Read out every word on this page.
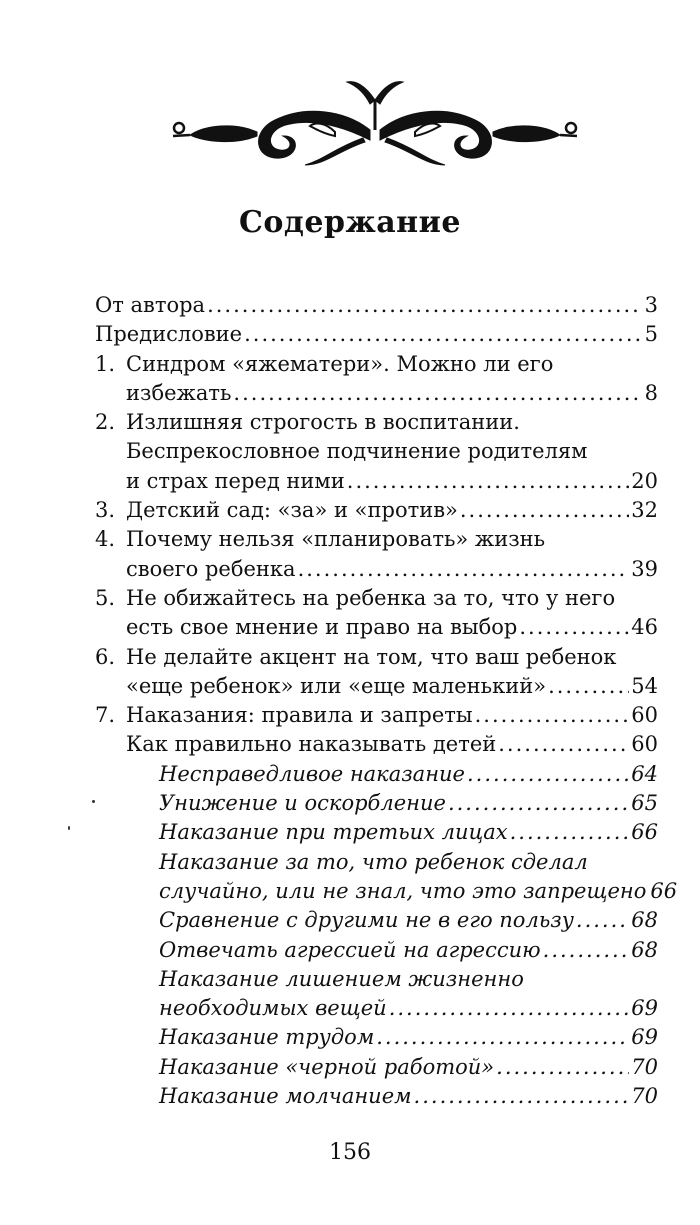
Содержание
От автора .....	3
Предисловие .....	5
1. Синдром «яжематери». Можно ли его
избежать .....	8
2. Излишняя строгость в воспитании.
Беспрекословное подчинение родителям
и страх перед ними .....	20
3. Детский сад: «за» и «против» .....	32
4. Почему нельзя «планировать» жизнь
своего ребенка .....	39
5. Не обижайтесь на ребенка за то, что у него
есть свое мнение и право на выбор .....	46
6. Не делайте акцент на том, что ваш ребенок
«еще ребенок» или «еще маленький» .....	54
7. Наказания: правила и запреты .....	60
Как правильно наказывать детей .....	60
Несправедливое наказание .....	64
Унижение и оскорбление .....	65
Наказание при третьих лицах .....	66
Наказание за то, что ребенок сделал
случайно, или не знал, что это запрещено 66
Сравнение с другими не в его пользу .....	68
Отвечать агрессией на агрессию .....	68
Наказание лишением жизненно
необходимых вещей .....	69
Наказание трудом .....	69
Наказание «черной работой» .....	70
Наказание молчанием .....	70
156
